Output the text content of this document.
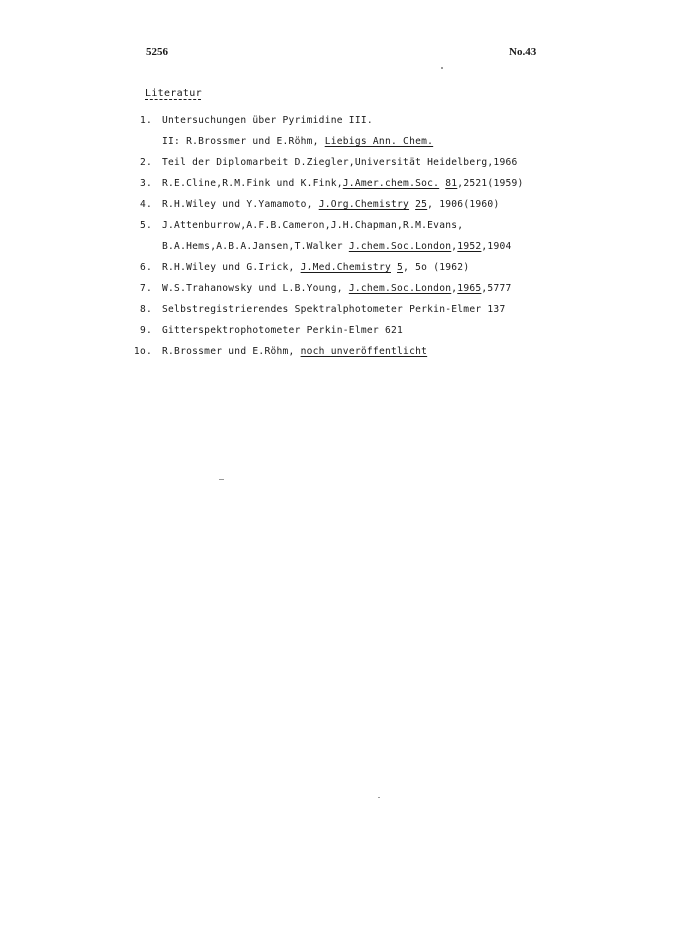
5256	No.43
Literatur
1. Untersuchungen über Pyrimidine III.
II: R.Brossmer und E.Röhm, Liebigs Ann. Chem.
2. Teil der Diplomarbeit D.Ziegler,Universität Heidelberg,1966
3. R.E.Cline,R.M.Fink und K.Fink,J.Amer.chem.Soc. 81,2521(1959)
4. R.H.Wiley und Y.Yamamoto, J.Org.Chemistry 25, 1906(1960)
5. J.Attenburrow,A.F.B.Cameron,J.H.Chapman,R.M.Evans,
B.A.Hems,A.B.A.Jansen,T.Walker J.chem.Soc.London,1952,1904
6. R.H.Wiley und G.Irick, J.Med.Chemistry 5, 5o (1962)
7. W.S.Trahanowsky und L.B.Young, J.chem.Soc.London,1965,5777
8. Selbstregistrierendes Spektralphotometer Perkin-Elmer 137
9. Gitterspektrophotometer Perkin-Elmer 621
1o. R.Brossmer und E.Röhm, noch unveröffentlicht
